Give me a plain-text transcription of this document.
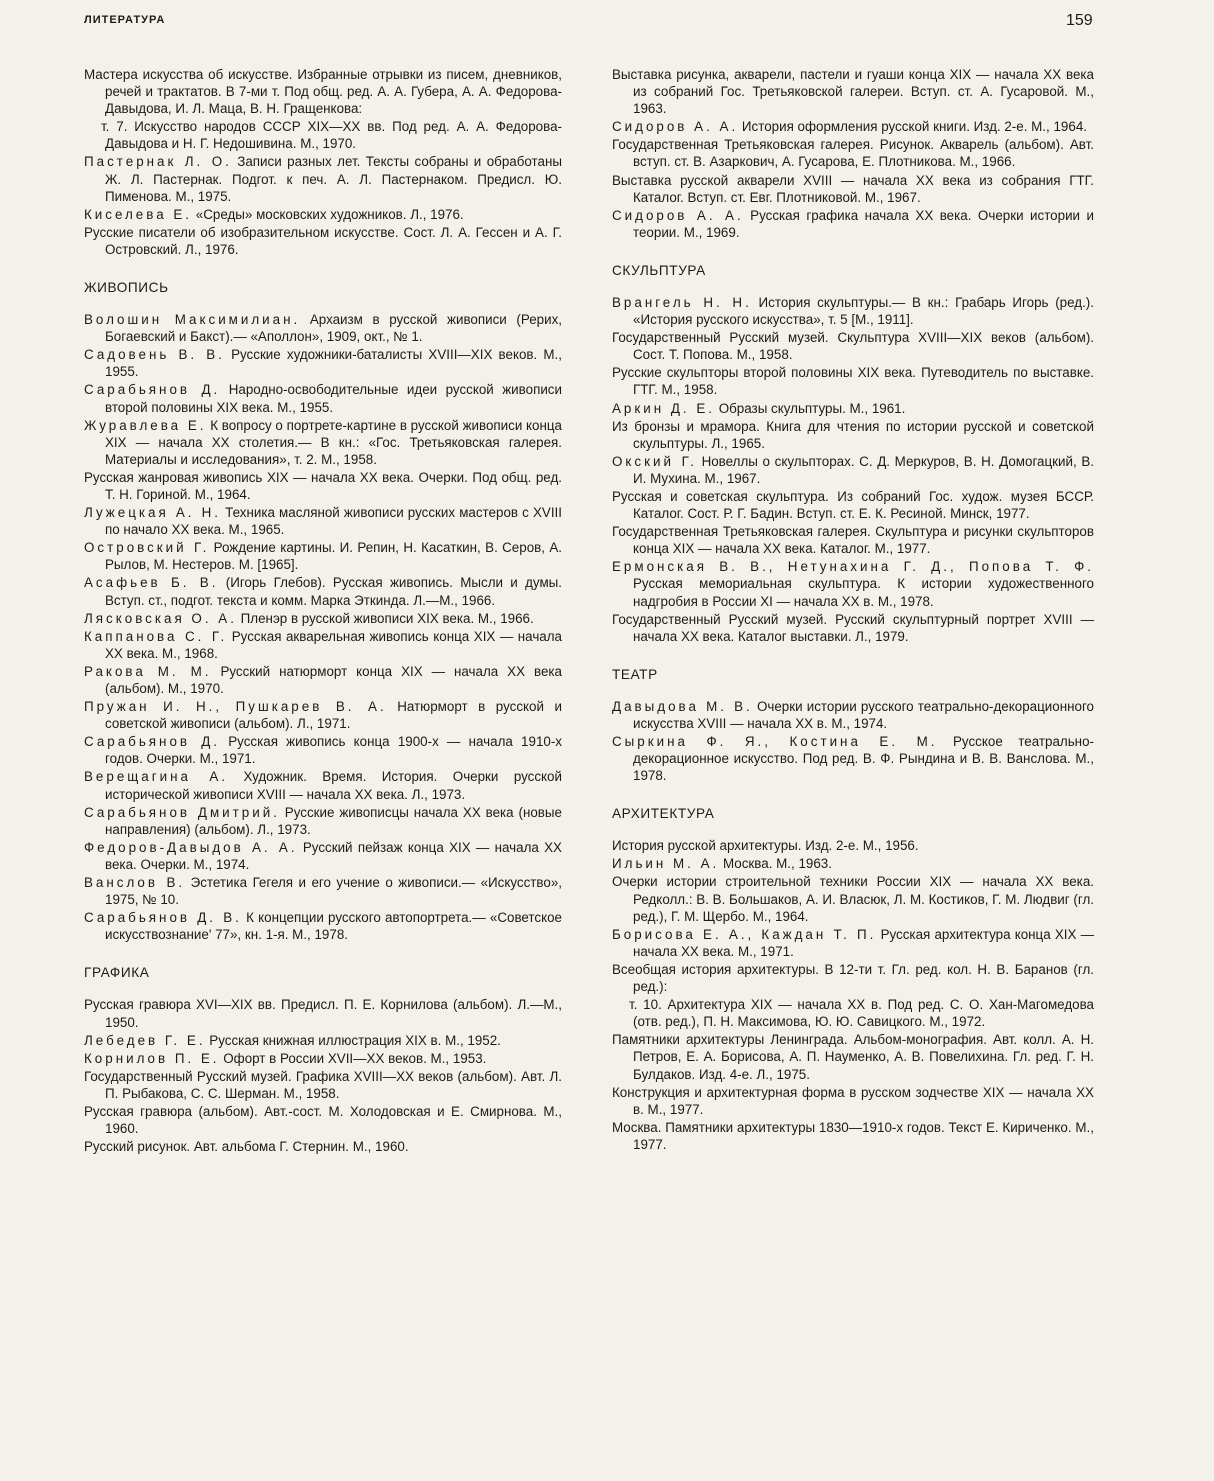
ЛИТЕРАТУРА	159

Мастера искусства об искусстве. Избранные отрывки из писем, дневников, речей и трактатов. В 7-ми т. Под общ. ред. А. А. Губера, А. А. Федорова-Давыдова, И. Л. Маца, В. Н. Гращенкова:

т. 7. Искусство народов СССР XIX—XX вв. Под ред. А. А. Федорова-Давыдова и Н. Г. Недошивина. М., 1970.

Пастернак Л. О. Записи разных лет. Тексты собраны и обработаны Ж. Л. Пастернак. Подгот. к печ. А. Л. Пастернаком. Предисл. Ю. Пименова. М., 1975.

Киселева Е. «Среды» московских художников. Л., 1976.

Русские писатели об изобразительном искусстве. Сост. Л. А. Гессен и А. Г. Островский. Л., 1976.

ЖИВОПИСЬ

Волошин Максимилиан. Архаизм в русской живописи (Рерих, Богаевский и Бакст).— «Аполлон», 1909, окт., № 1.

Садовень В. В. Русские художники-баталисты XVIII—XIX веков. М., 1955.

Сарабьянов Д. Народно-освободительные идеи русской живописи второй половины XIX века. М., 1955.

Журавлева Е. К вопросу о портрете-картине в русской живописи конца XIX — начала XX столетия.— В кн.: «Гос. Третьяковская галерея. Материалы и исследования», т. 2. М., 1958.

Русская жанровая живопись XIX — начала XX века. Очерки. Под общ. ред. Т. Н. Гориной. М., 1964.

Лужецкая А. Н. Техника масляной живописи русских мастеров с XVIII по начало XX века. М., 1965.

Островский Г. Рождение картины. И. Репин, Н. Касаткин, В. Серов, А. Рылов, М. Нестеров. М. [1965].

Асафьев Б. В. (Игорь Глебов). Русская живопись. Мысли и думы. Вступ. ст., подгот. текста и комм. Марка Эткинда. Л.—М., 1966.

Лясковская О. А. Пленэр в русской живописи XIX века. М., 1966.

Каппанова С. Г. Русская акварельная живопись конца XIX — начала XX века. М., 1968.

Ракова М. М. Русский натюрморт конца XIX — начала XX века (альбом). М., 1970.

Пружан И. Н., Пушкарев В. А. Натюрморт в русской и советской живописи (альбом). Л., 1971.

Сарабьянов Д. Русская живопись конца 1900-х — начала 1910-х годов. Очерки. М., 1971.

Верещагина А. Художник. Время. История. Очерки русской исторической живописи XVIII — начала XX века. Л., 1973.

Сарабьянов Дмитрий. Русские живописцы начала XX века (новые направления) (альбом). Л., 1973.

Федоров-Давыдов А. А. Русский пейзаж конца XIX — начала XX века. Очерки. М., 1974.

Ванслов В. Эстетика Гегеля и его учение о живописи.— «Искусство», 1975, № 10.

Сарабьянов Д. В. К концепции русского автопортрета.— «Советское искусствознание' 77», кн. 1-я. М., 1978.

ГРАФИКА

Русская гравюра XVI—XIX вв. Предисл. П. Е. Корнилова (альбом). Л.—М., 1950.

Лебедев Г. Е. Русская книжная иллюстрация XIX в. М., 1952.

Корнилов П. Е. Офорт в России XVII—XX веков. М., 1953.

Государственный Русский музей. Графика XVIII—XX веков (альбом). Авт. Л. П. Рыбакова, С. С. Шерман. М., 1958.

Русская гравюра (альбом). Авт.-сост. М. Холодовская и Е. Смирнова. М., 1960.

Русский рисунок. Авт. альбома Г. Стернин. М., 1960.

Выставка рисунка, акварели, пастели и гуаши конца XIX — начала XX века из собраний Гос. Третьяковской галереи. Вступ. ст. А. Гусаровой. М., 1963.

Сидоров А. А. История оформления русской книги. Изд. 2-е. М., 1964.

Государственная Третьяковская галерея. Рисунок. Акварель (альбом). Авт. вступ. ст. В. Азаркович, А. Гусарова, Е. Плотникова. М., 1966.

Выставка русской акварели XVIII — начала XX века из собрания ГТГ. Каталог. Вступ. ст. Евг. Плотниковой. М., 1967.

Сидоров А. А. Русская графика начала XX века. Очерки истории и теории. М., 1969.

СКУЛЬПТУРА

Врангель Н. Н. История скульптуры.— В кн.: Грабарь Игорь (ред.). «История русского искусства», т. 5 [М., 1911].

Государственный Русский музей. Скульптура XVIII—XIX веков (альбом). Сост. Т. Попова. М., 1958.

Русские скульпторы второй половины XIX века. Путеводитель по выставке. ГТГ. М., 1958.

Аркин Д. Е. Образы скульптуры. М., 1961.

Из бронзы и мрамора. Книга для чтения по истории русской и советской скульптуры. Л., 1965.

Окский Г. Новеллы о скульпторах. С. Д. Меркуров, В. Н. Домогацкий, В. И. Мухина. М., 1967.

Русская и советская скульптура. Из собраний Гос. худож. музея БССР. Каталог. Сост. Р. Г. Бадин. Вступ. ст. Е. К. Ресиной. Минск, 1977.

Государственная Третьяковская галерея. Скульптура и рисунки скульпторов конца XIX — начала XX века. Каталог. М., 1977.

Ермонская В. В., Нетунахина Г. Д., Попова Т. Ф. Русская мемориальная скульптура. К истории художественного надгробия в России XI — начала XX в. М., 1978.

Государственный Русский музей. Русский скульптурный портрет XVIII — начала XX века. Каталог выставки. Л., 1979.

ТЕАТР

Давыдова М. В. Очерки истории русского театрально-декорационного искусства XVIII — начала XX в. М., 1974.

Сыркина Ф. Я., Костина Е. М. Русское театрально-декорационное искусство. Под ред. В. Ф. Рындина и В. В. Ванслова. М., 1978.

АРХИТЕКТУРА

История русской архитектуры. Изд. 2-е. М., 1956.

Ильин М. А. Москва. М., 1963.

Очерки истории строительной техники России XIX — начала XX века. Редколл.: В. В. Большаков, А. И. Власюк, Л. М. Костиков, Г. М. Людвиг (гл. ред.), Г. М. Щербо. М., 1964.

Борисова Е. А., Каждан Т. П. Русская архитектура конца XIX — начала XX века. М., 1971.

Всеобщая история архитектуры. В 12-ти т. Гл. ред. кол. Н. В. Баранов (гл. ред.):

т. 10. Архитектура XIX — начала XX в. Под ред. С. О. Хан-Магомедова (отв. ред.), П. Н. Максимова, Ю. Ю. Савицкого. М., 1972.

Памятники архитектуры Ленинграда. Альбом-монография. Авт. колл. А. Н. Петров, Е. А. Борисова, А. П. Науменко, А. В. Повелихина. Гл. ред. Г. Н. Булдаков. Изд. 4-е. Л., 1975.

Конструкция и архитектурная форма в русском зодчестве XIX — начала XX в. М., 1977.

Москва. Памятники архитектуры 1830—1910-х годов. Текст Е. Кириченко. М., 1977.
